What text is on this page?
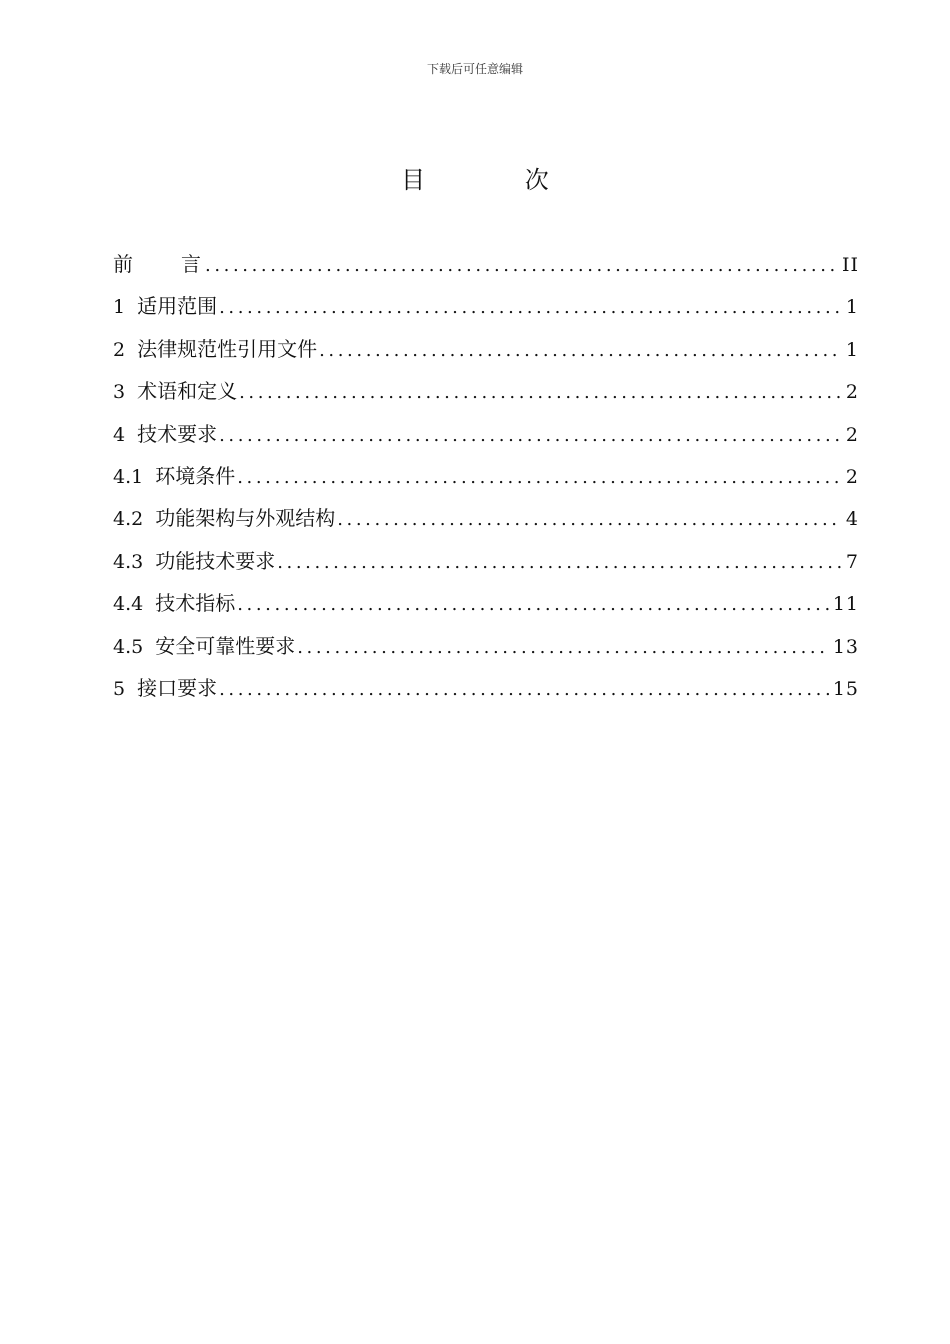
下载后可任意编辑
目 次
前言 .....	II
1 适用范围 .....	1
2 法律规范性引用文件 .....	1
3 术语和定义 .....	2
4 技术要求 .....	2
4.1 环境条件 .....	2
4.2 功能架构与外观结构 .....	4
4.3 功能技术要求 .....	7
4.4 技术指标 .....	11
4.5 安全可靠性要求 .....	13
5 接口要求 .....	15
